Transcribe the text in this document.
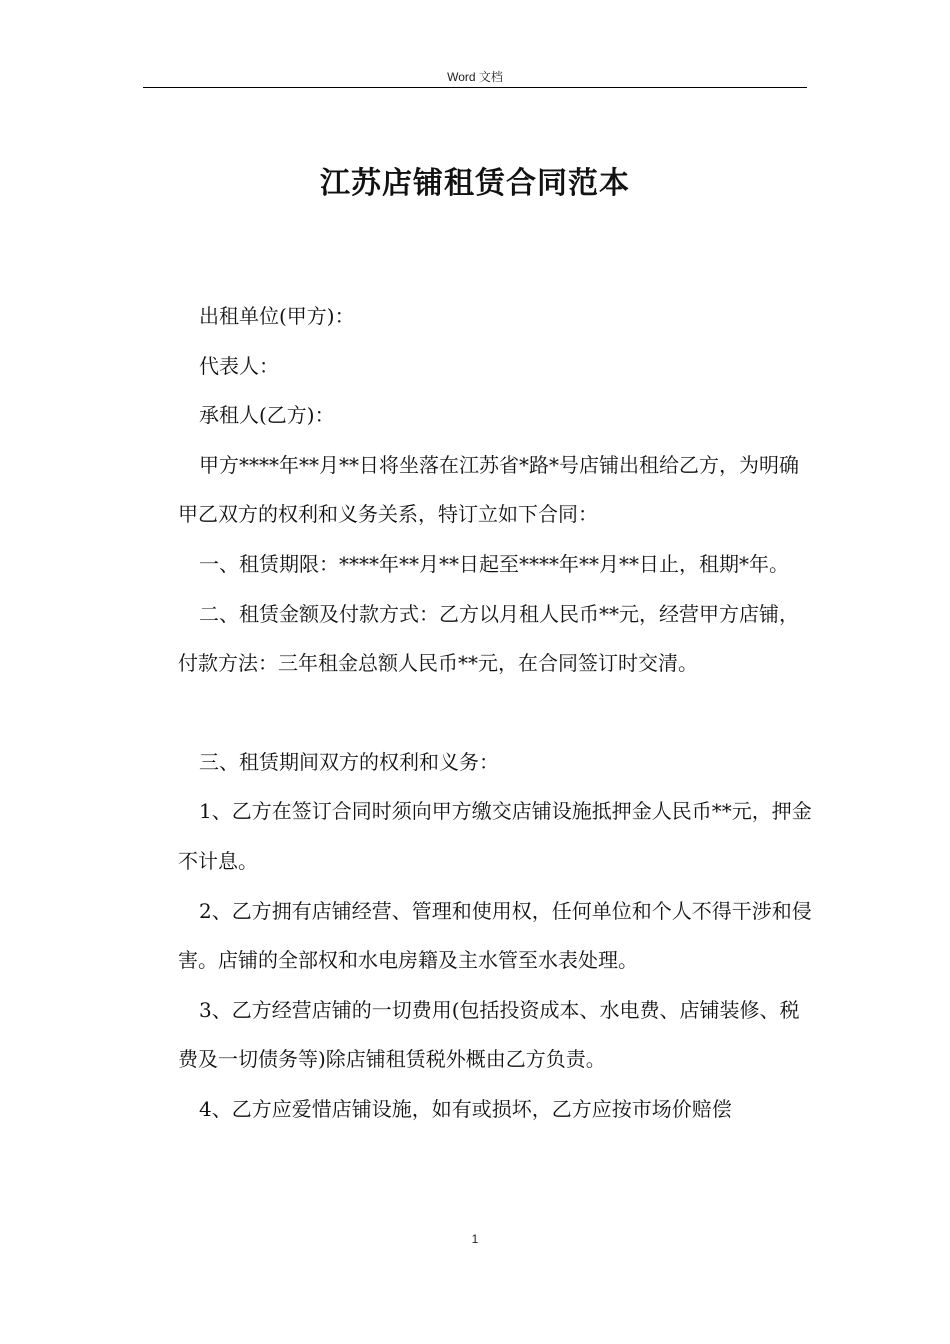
Word 文档
江苏店铺租赁合同范本

出租单位(甲方)：

代表人：

承租人(乙方)：

甲方****年**月**日将坐落在江苏省*路*号店铺出租给乙方，为明确甲乙双方的权利和义务关系，特订立如下合同：

一、租赁期限：****年**月**日起至****年**月**日止，租期*年。

二、租赁金额及付款方式：乙方以月租人民币**元，经营甲方店铺，付款方法：三年租金总额人民币**元，在合同签订时交清。

三、租赁期间双方的权利和义务：

1、乙方在签订合同时须向甲方缴交店铺设施抵押金人民币**元，押金不计息。

2、乙方拥有店铺经营、管理和使用权，任何单位和个人不得干涉和侵害。店铺的全部权和水电房籍及主水管至水表处理。

3、乙方经营店铺的一切费用(包括投资成本、水电费、店铺装修、税费及一切债务等)除店铺租赁税外概由乙方负责。

4、乙方应爱惜店铺设施，如有或损坏，乙方应按市场价赔偿

1
